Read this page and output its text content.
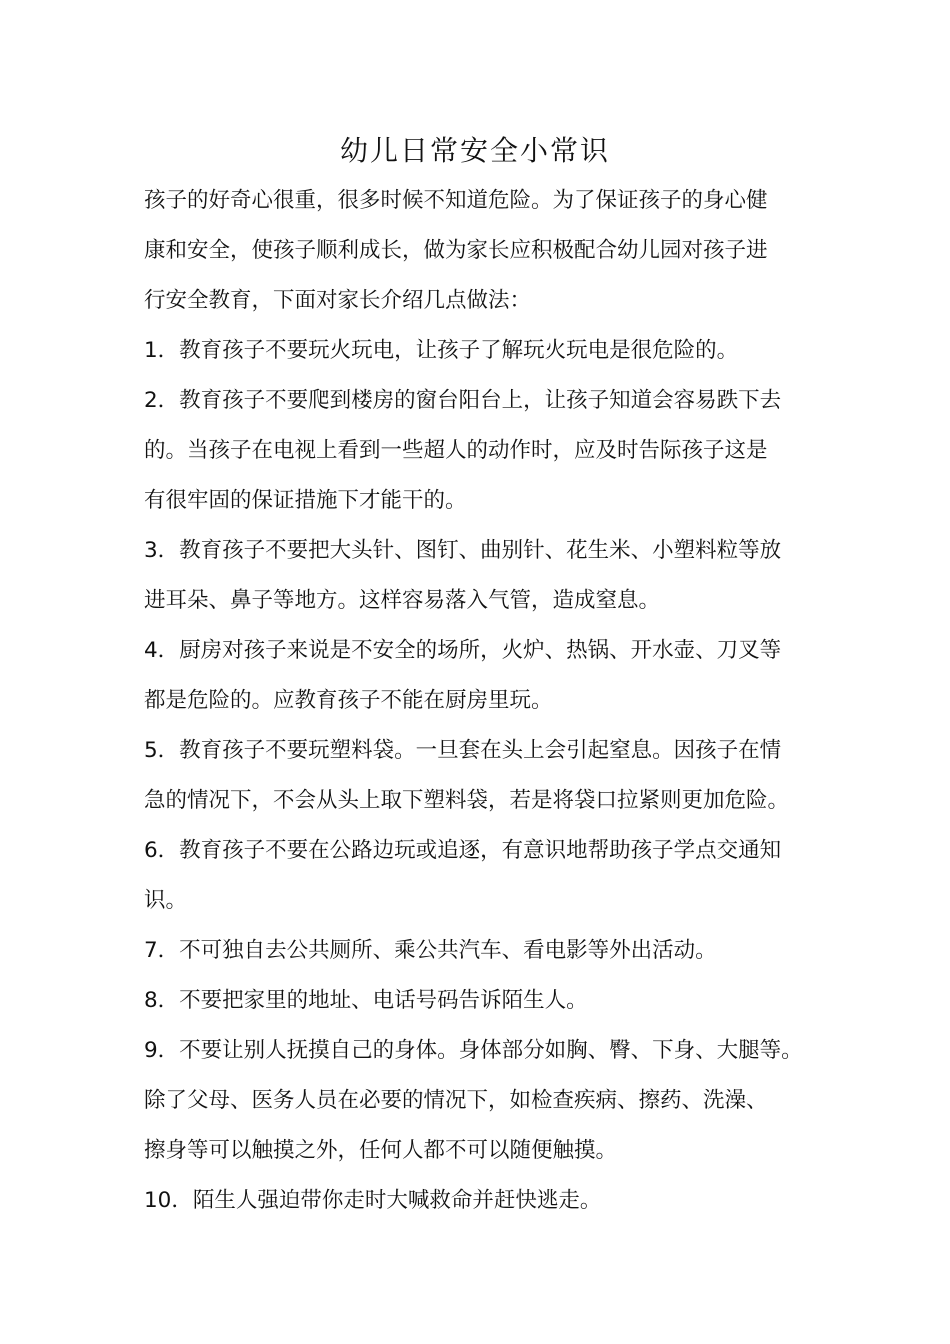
幼儿日常安全小常识

孩子的好奇心很重，很多时候不知道危险。为了保证孩子的身心健
康和安全，使孩子顺利成长，做为家长应积极配合幼儿园对孩子进
行安全教育，下面对家长介绍几点做法：

1．教育孩子不要玩火玩电，让孩子了解玩火玩电是很危险的。

2．教育孩子不要爬到楼房的窗台阳台上，让孩子知道会容易跌下去
的。当孩子在电视上看到一些超人的动作时，应及时告际孩子这是
有很牢固的保证措施下才能干的。

3．教育孩子不要把大头针、图钉、曲别针、花生米、小塑料粒等放
进耳朵、鼻子等地方。这样容易落入气管，造成窒息。

4．厨房对孩子来说是不安全的场所，火炉、热锅、开水壶、刀叉等
都是危险的。应教育孩子不能在厨房里玩。

5．教育孩子不要玩塑料袋。一旦套在头上会引起窒息。因孩子在情
急的情况下，不会从头上取下塑料袋，若是将袋口拉紧则更加危险。

6．教育孩子不要在公路边玩或追逐，有意识地帮助孩子学点交通知
识。

7．不可独自去公共厕所、乘公共汽车、看电影等外出活动。

8．不要把家里的地址、电话号码告诉陌生人。

9．不要让别人抚摸自己的身体。身体部分如胸、臀、下身、大腿等。
除了父母、医务人员在必要的情况下，如检查疾病、擦药、洗澡、
擦身等可以触摸之外，任何人都不可以随便触摸。

10．陌生人强迫带你走时大喊救命并赶快逃走。
